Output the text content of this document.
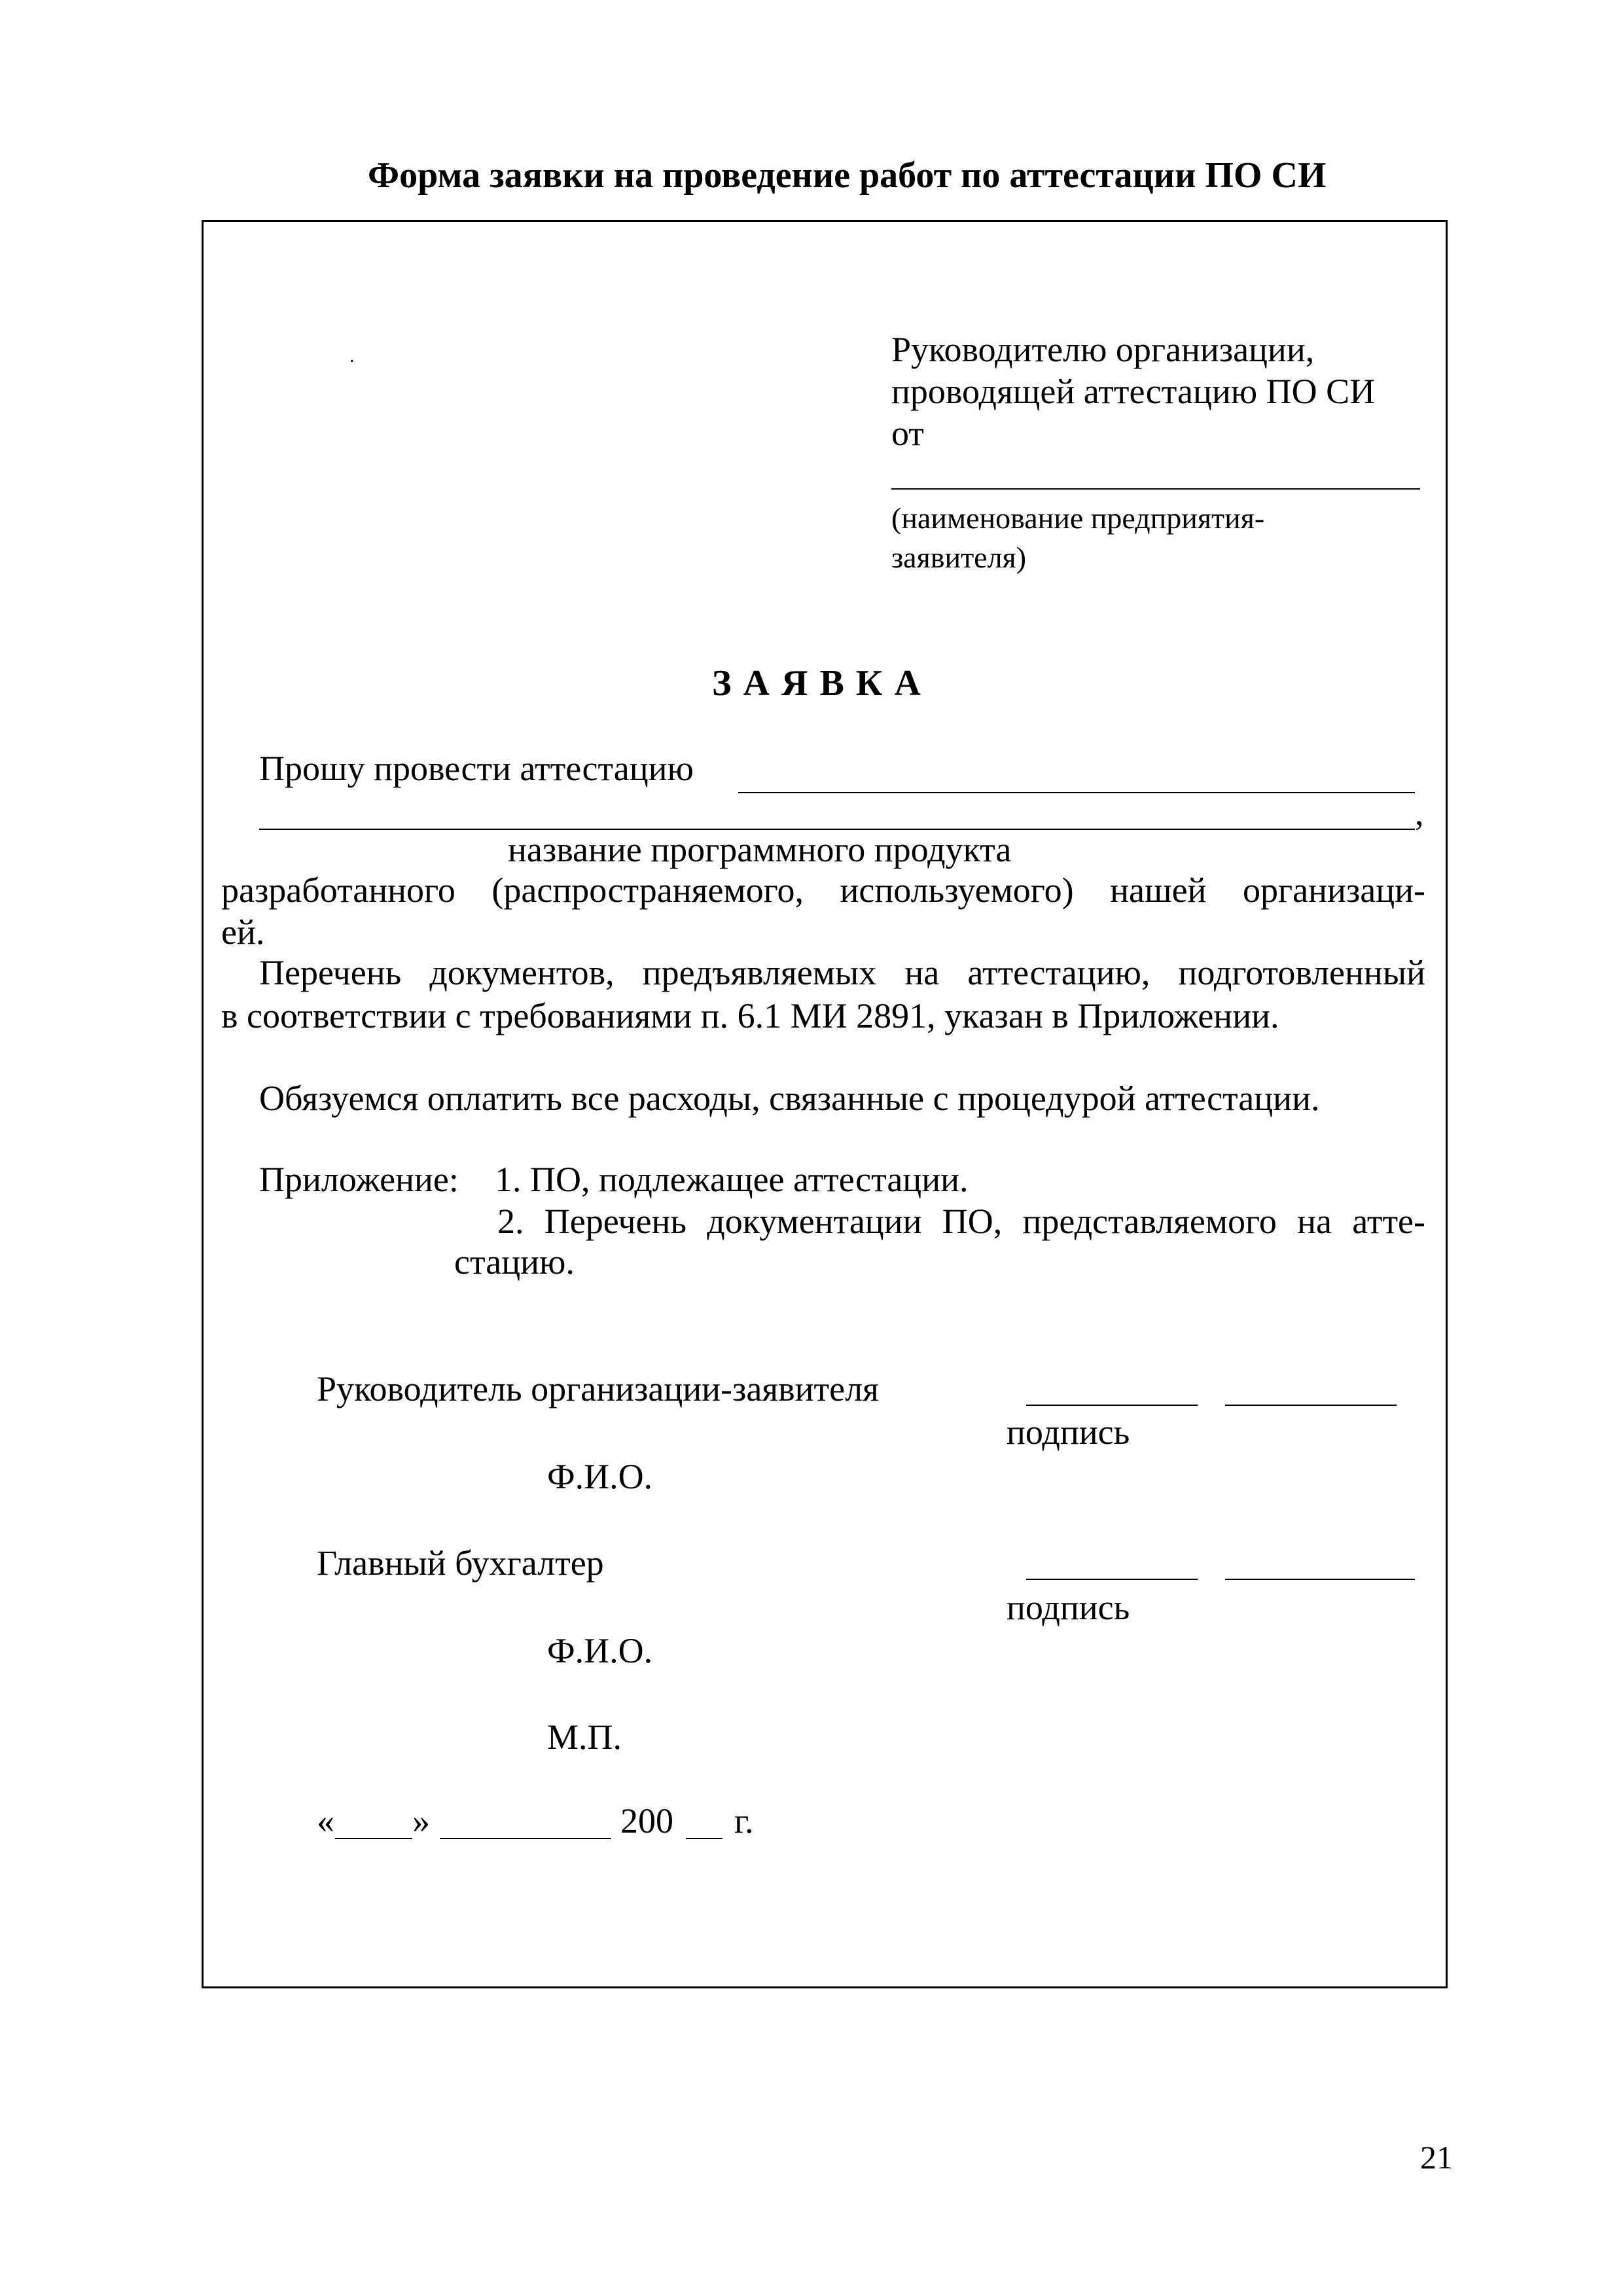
Форма заявки на проведение работ по аттестации ПО СИ
.	Руководителю организации,
проводящей аттестацию ПО СИ
от
(наименование предприятия-
заявителя)
ЗАЯВКА
Прошу провести аттестацию
,
название программного продукта
разработанного (распространяемого, используемого) нашей организаци-
ей.
Перечень документов, предъявляемых на аттестацию, подготовленный
в соответствии с требованиями п. 6.1 МИ 2891, указан в Приложении.
Обязуемся оплатить все расходы, связанные с процедурой аттестации.
Приложение: 1. ПО, подлежащее аттестации.
2. Перечень документации ПО, представляемого на атте-
стацию.
Руководитель организации-заявителя
подпись
Ф.И.О.
Главный бухгалтер
подпись
Ф.И.О.
М.П.
« »	200 г.
21
